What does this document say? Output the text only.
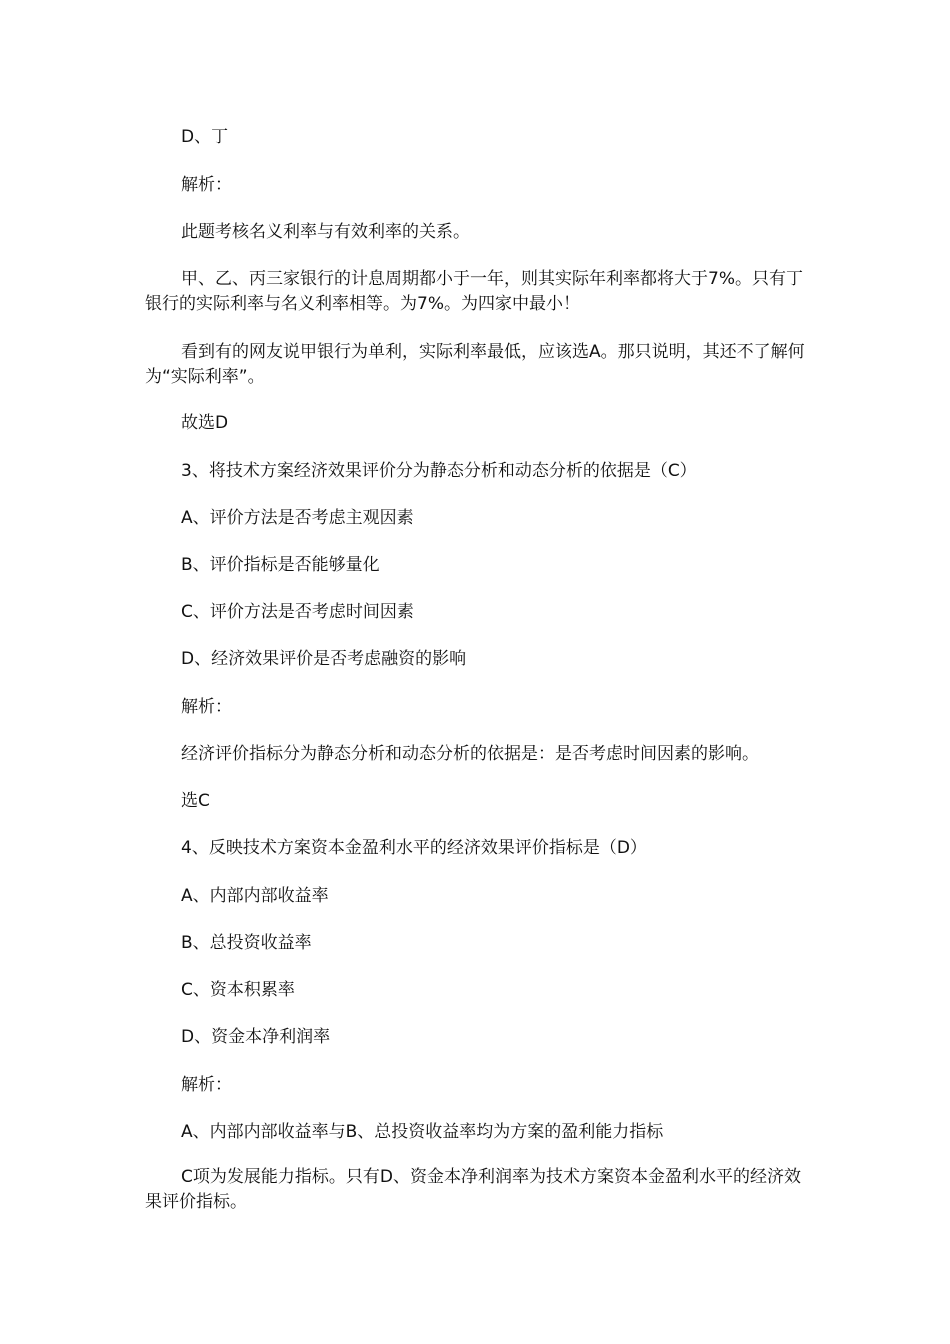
D、丁

解析：

此题考核名义利率与有效利率的关系。

甲、乙、丙三家银行的计息周期都小于一年，则其实际年利率都将大于7%。只有丁银行的实际利率与名义利率相等。为7%。为四家中最小！

看到有的网友说甲银行为单利，实际利率最低，应该选A。那只说明，其还不了解何为“实际利率”。

故选D

3、将技术方案经济效果评价分为静态分析和动态分析的依据是（C）

A、评价方法是否考虑主观因素

B、评价指标是否能够量化

C、评价方法是否考虑时间因素

D、经济效果评价是否考虑融资的影响

解析：

经济评价指标分为静态分析和动态分析的依据是：是否考虑时间因素的影响。

选C

4、反映技术方案资本金盈利水平的经济效果评价指标是（D）

A、内部内部收益率

B、总投资收益率

C、资本积累率

D、资金本净利润率

解析：

A、内部内部收益率与B、总投资收益率均为方案的盈利能力指标

C项为发展能力指标。只有D、资金本净利润率为技术方案资本金盈利水平的经济效果评价指标。
